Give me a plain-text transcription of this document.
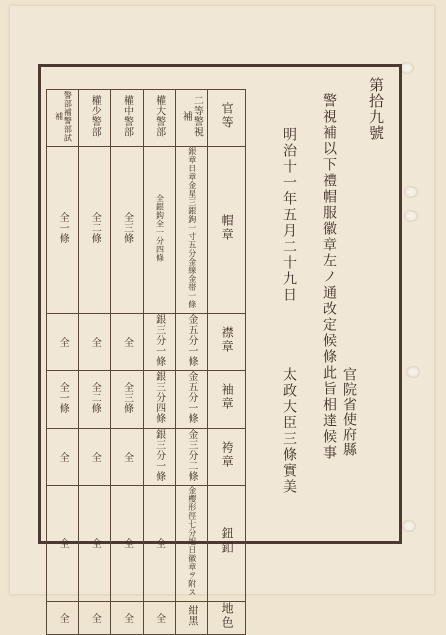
第拾九號
官院省使府縣
警視補以下禮帽服徽章左ノ通改定候條此旨相達候事
明治十一年五月二十九日
太政大臣三條實美
警部補警部試補	權少警部	權中警部	權大警部	二等警視補	官等
全一條	全二條	全三條	全銀鈎全一分四條	銀章日章金星三銀鉤一寸五分金線金帯一條	帽章
全	全	全	銀三分一條	金五分一條	襟章
全一條	全二條	全三條	銀三分四條	金五分一條	袖章
全	全	全	銀三分一條	金三分二條	袴章
全	全	全	全	金櫻形徑七分旭日徽章ヲ附ス	鈕釦
全	全	全	全	紺黑	地色
